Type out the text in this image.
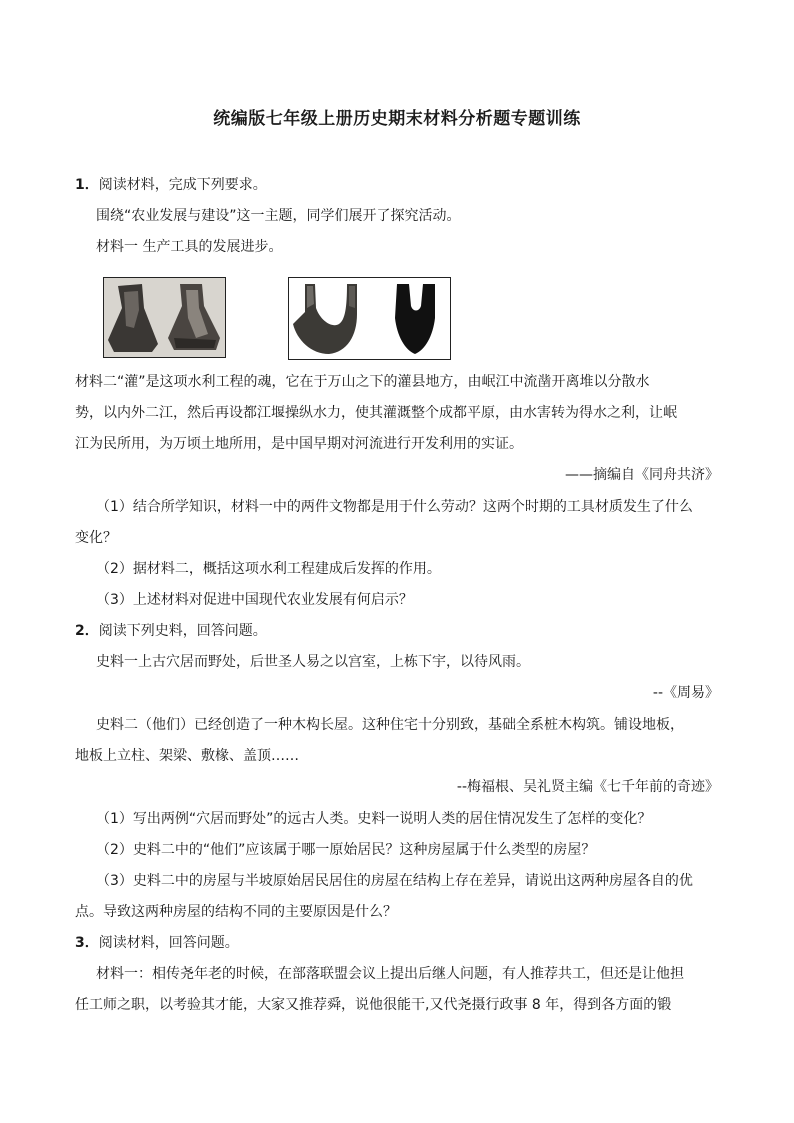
统编版七年级上册历史期末材料分析题专题训练
1．阅读材料，完成下列要求。
围绕“农业发展与建设”这一主题，同学们展开了探究活动。
材料一 生产工具的发展进步。
材料二“灌”是这项水利工程的魂，它在于万山之下的灌县地方，由岷江中流凿开离堆以分散水
势，以内外二江，然后再设都江堰操纵水力，使其灌溉整个成都平原，由水害转为得水之利，让岷
江为民所用，为万顷土地所用，是中国早期对河流进行开发利用的实证。
——摘编自《同舟共济》
（1）结合所学知识，材料一中的两件文物都是用于什么劳动？这两个时期的工具材质发生了什么
变化？
（2）据材料二，概括这项水利工程建成后发挥的作用。
（3）上述材料对促进中国现代农业发展有何启示？
2．阅读下列史料，回答问题。
史料一上古穴居而野处，后世圣人易之以宫室，上栋下宇，以待风雨。
--《周易》
史料二（他们）已经创造了一种木构长屋。这种住宅十分别致，基础全系桩木构筑。铺设地板，
地板上立柱、架梁、敷椽、盖顶……
--梅福根、吴礼贤主编《七千年前的奇迹》
（1）写出两例“穴居而野处”的远古人类。史料一说明人类的居住情况发生了怎样的变化？
（2）史料二中的“他们”应该属于哪一原始居民？这种房屋属于什么类型的房屋？
（3）史料二中的房屋与半坡原始居民居住的房屋在结构上存在差异，请说出这两种房屋各自的优
点。导致这两种房屋的结构不同的主要原因是什么？
3．阅读材料，回答问题。
材料一：相传尧年老的时候，在部落联盟会议上提出后继人问题，有人推荐共工，但还是让他担
任工师之职，以考验其才能，大家又推荐舜，说他很能干,又代尧摄行政事 8 年，得到各方面的锻
